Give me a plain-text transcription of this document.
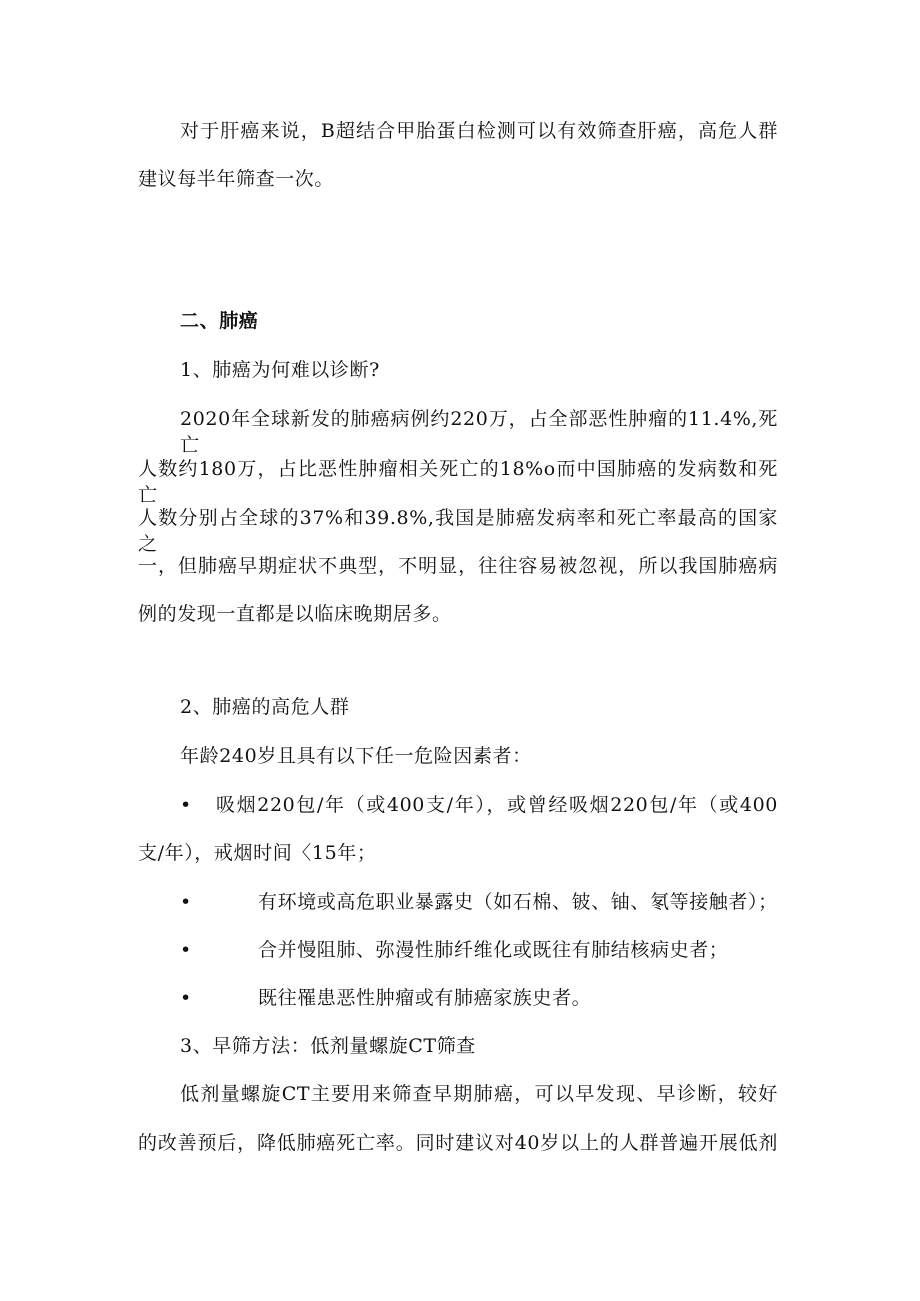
对于肝癌来说，B超结合甲胎蛋白检测可以有效筛查肝癌，高危人群
建议每半年筛查一次。
二、肺癌
1、肺癌为何难以诊断?
2020年全球新发的肺癌病例约220万，占全部恶性肿瘤的11.4%,死亡
人数约180万，占比恶性肿瘤相关死亡的18%o而中国肺癌的发病数和死亡
人数分别占全球的37%和39.8%,我国是肺癌发病率和死亡率最高的国家之
一，但肺癌早期症状不典型，不明显，往往容易被忽视，所以我国肺癌病
例的发现一直都是以临床晚期居多。
2、肺癌的高危人群
年龄240岁且具有以下任一危险因素者：
• 吸烟220包/年（或400支/年），或曾经吸烟220包/年（或400
支/年），戒烟时间〈15年；
•	有环境或高危职业暴露史（如石棉、铍、铀、氡等接触者）；
•	合并慢阻肺、弥漫性肺纤维化或既往有肺结核病史者；
•	既往罹患恶性肿瘤或有肺癌家族史者。
3、早筛方法：低剂量螺旋CT筛查
低剂量螺旋CT主要用来筛查早期肺癌，可以早发现、早诊断，较好
的改善预后，降低肺癌死亡率。同时建议对40岁以上的人群普遍开展低剂
